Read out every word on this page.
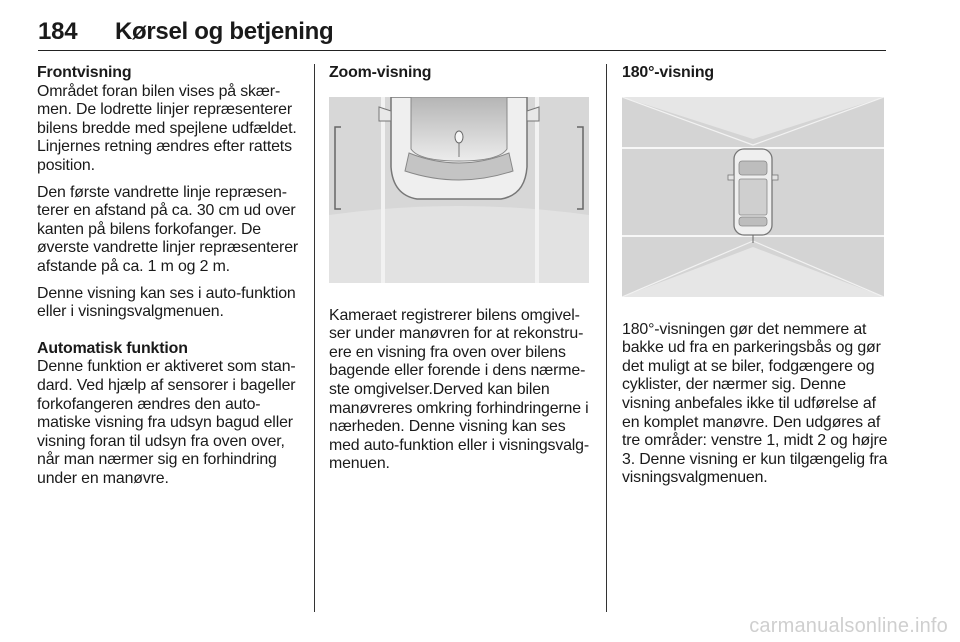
184 Kørsel og betjening

Frontvisning

Området foran bilen vises på skærmen. De lodrette linjer repræsenterer bilens bredde med spejlene udfældet. Linjernes retning ændres efter rattets position.

Den første vandrette linje repræsenterer en afstand på ca. 30 cm ud over kanten på bilens forkofanger. De øverste vandrette linjer repræsenterer afstande på ca. 1 m og 2 m.

Denne visning kan ses i auto-funktion eller i visningsvalgmenuen.

Automatisk funktion

Denne funktion er aktiveret som standard. Ved hjælp af sensorer i bageller forkofangeren ændres den automatiske visning fra udsyn bagud eller visning foran til udsyn fra oven over, når man nærmer sig en forhindring under en manøvre.

Zoom-visning

Kameraet registrerer bilens omgivelser under manøvren for at rekonstruere en visning fra oven over bilens bagende eller forende i dens nærmeste omgivelser.Derved kan bilen manøvreres omkring forhindringerne i nærheden. Denne visning kan ses med auto-funktion eller i visningsvalgmenuen.

180°-visning

180°-visningen gør det nemmere at bakke ud fra en parkeringsbås og gør det muligt at se biler, fodgængere og cyklister, der nærmer sig. Denne visning anbefales ikke til udførelse af en komplet manøvre. Den udgøres af tre områder: venstre 1, midt 2 og højre 3. Denne visning er kun tilgængelig fra visningsvalgmenuen.

carmanualsonline.info
